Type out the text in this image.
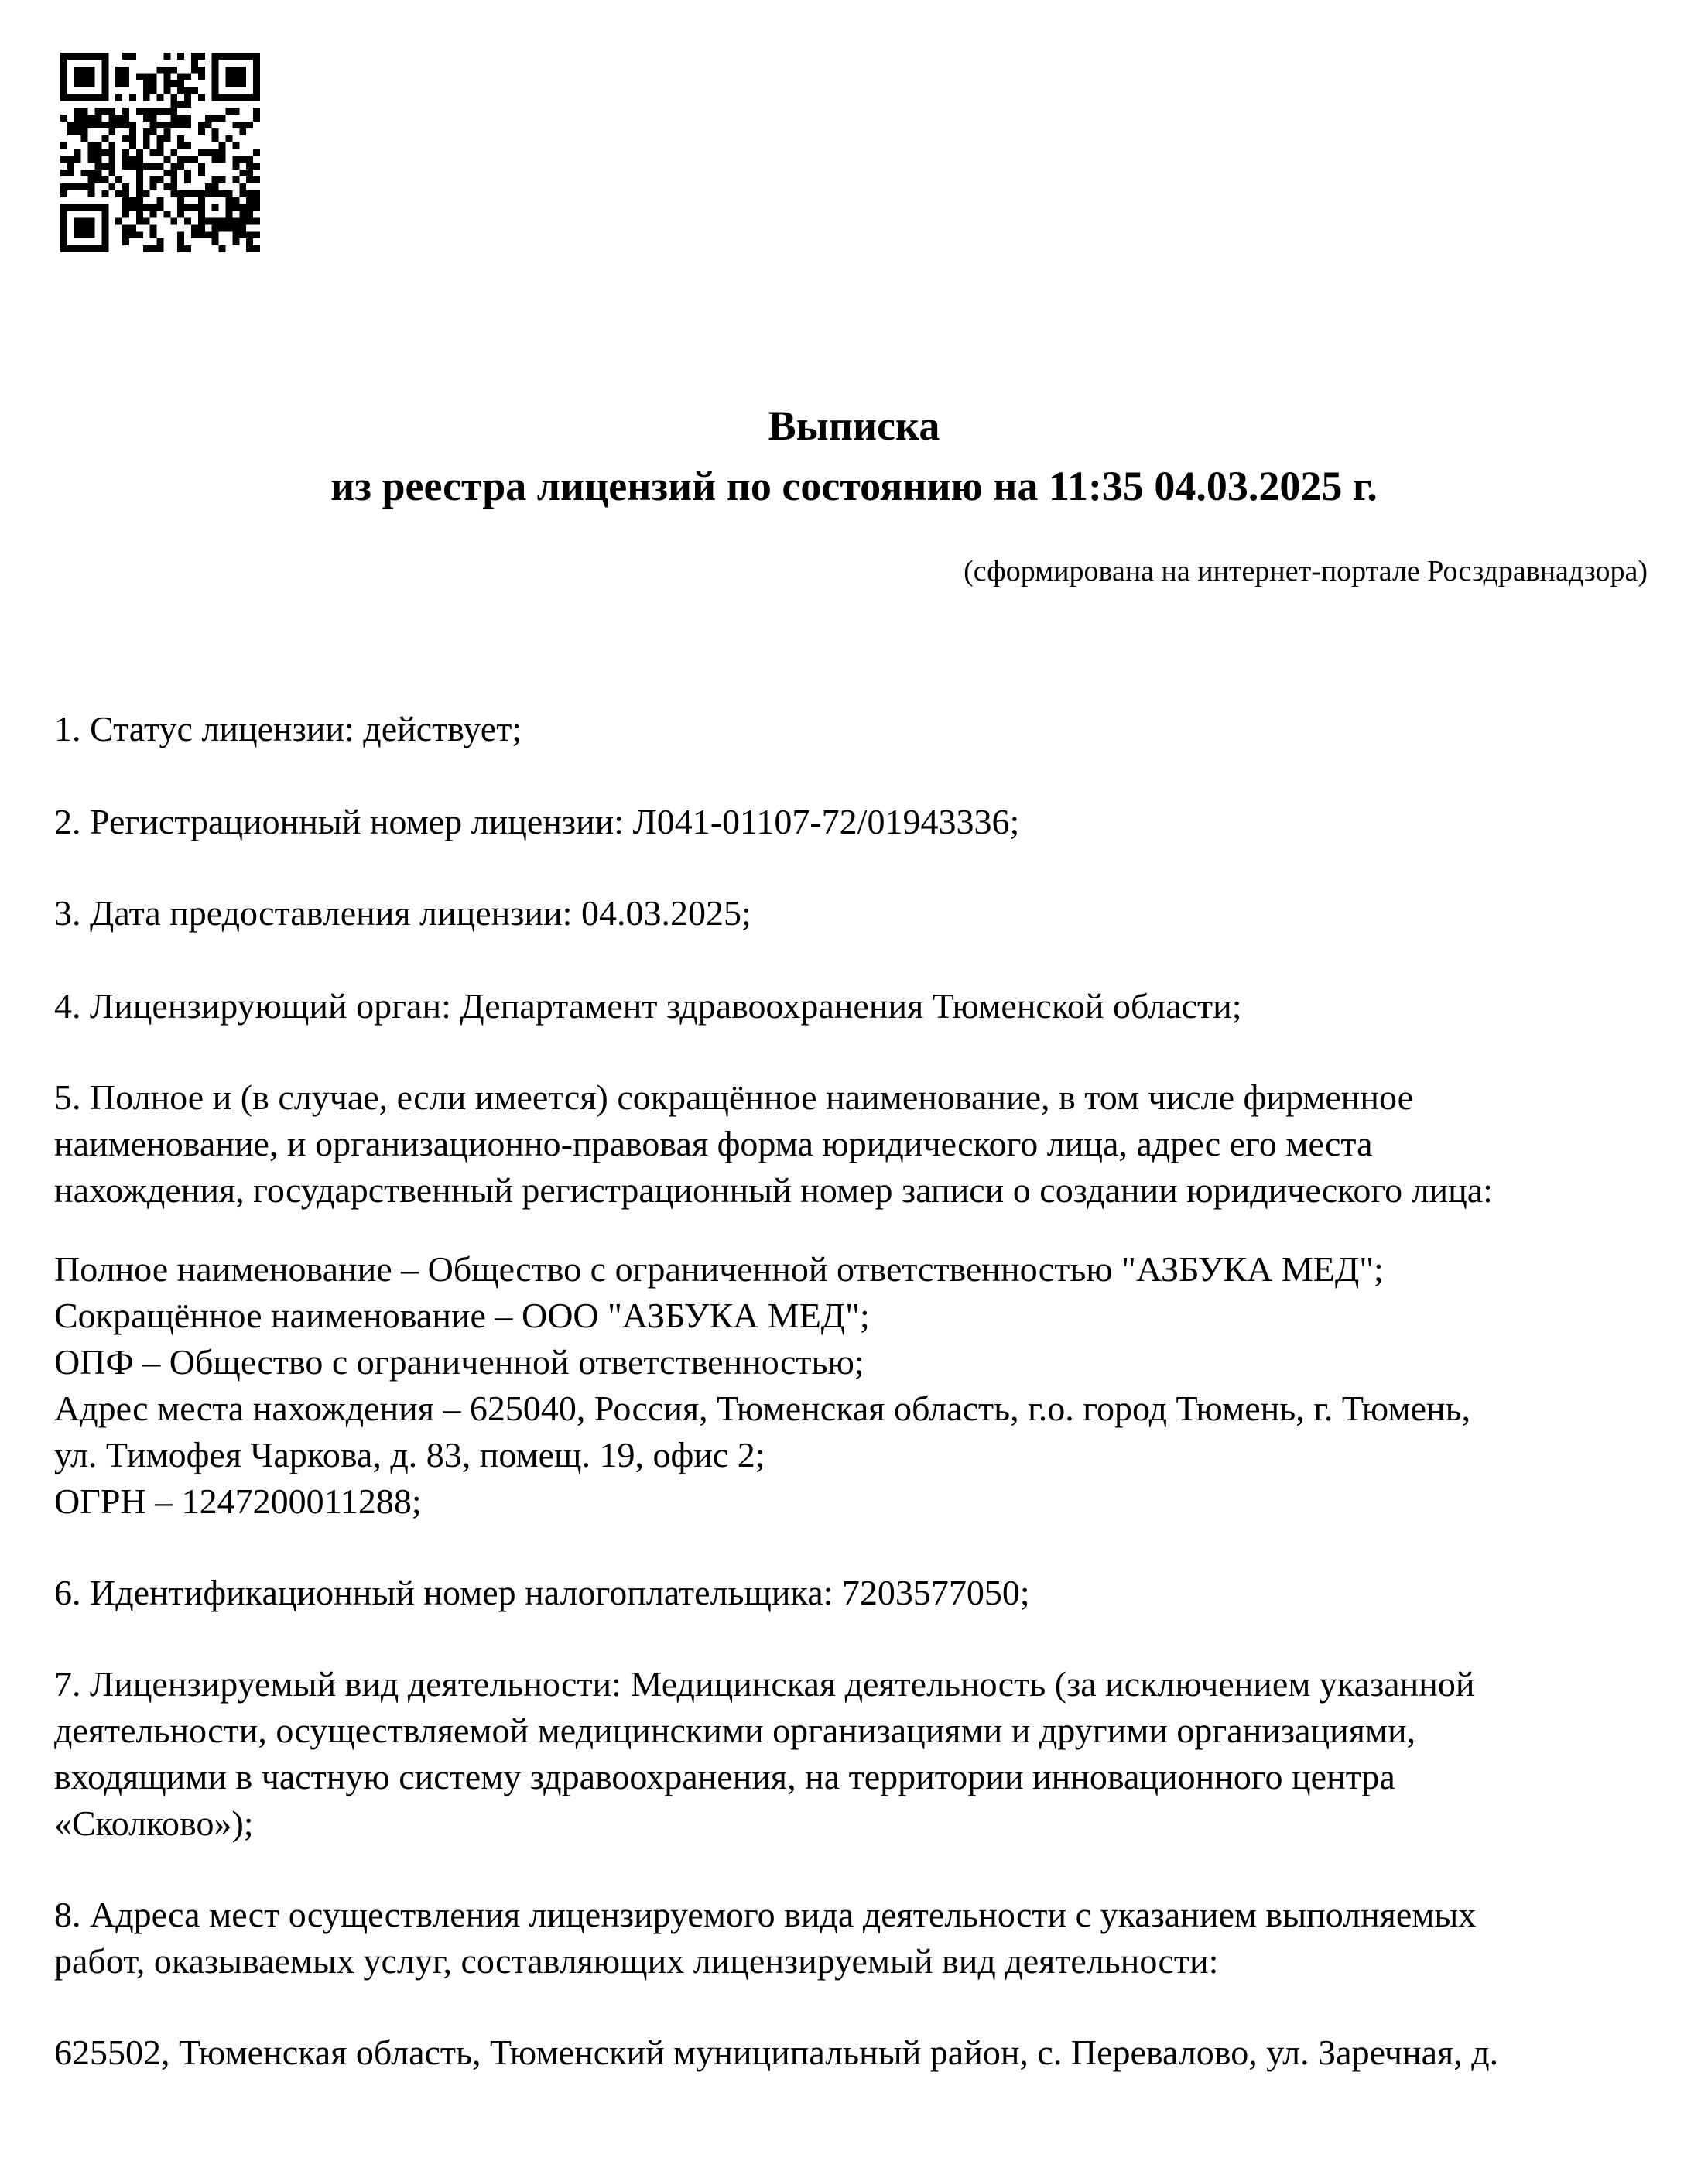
Выписка
из реестра лицензий по состоянию на 11:35 04.03.2025 г.
(сформирована на интернет-портале Росздравнадзора)
1. Статус лицензии: действует;
2. Регистрационный номер лицензии: Л041-01107-72/01943336;
3. Дата предоставления лицензии: 04.03.2025;
4. Лицензирующий орган: Департамент здравоохранения Тюменской области;
5. Полное и (в случае, если имеется) сокращённое наименование, в том числе фирменное
наименование, и организационно-правовая форма юридического лица, адрес его места
нахождения, государственный регистрационный номер записи о создании юридического лица:
Полное наименование – Общество с ограниченной ответственностью "АЗБУКА МЕД";
Сокращённое наименование – ООО "АЗБУКА МЕД";
ОПФ – Общество с ограниченной ответственностью;
Адрес места нахождения – 625040, Россия, Тюменская область, г.о. город Тюмень, г. Тюмень,
ул. Тимофея Чаркова, д. 83, помещ. 19, офис 2;
ОГРН – 1247200011288;
6. Идентификационный номер налогоплательщика: 7203577050;
7. Лицензируемый вид деятельности: Медицинская деятельность (за исключением указанной
деятельности, осуществляемой медицинскими организациями и другими организациями,
входящими в частную систему здравоохранения, на территории инновационного центра
«Сколково»);
8. Адреса мест осуществления лицензируемого вида деятельности с указанием выполняемых
работ, оказываемых услуг, составляющих лицензируемый вид деятельности:
625502, Тюменская область, Тюменский муниципальный район, с. Перевалово, ул. Заречная, д.
